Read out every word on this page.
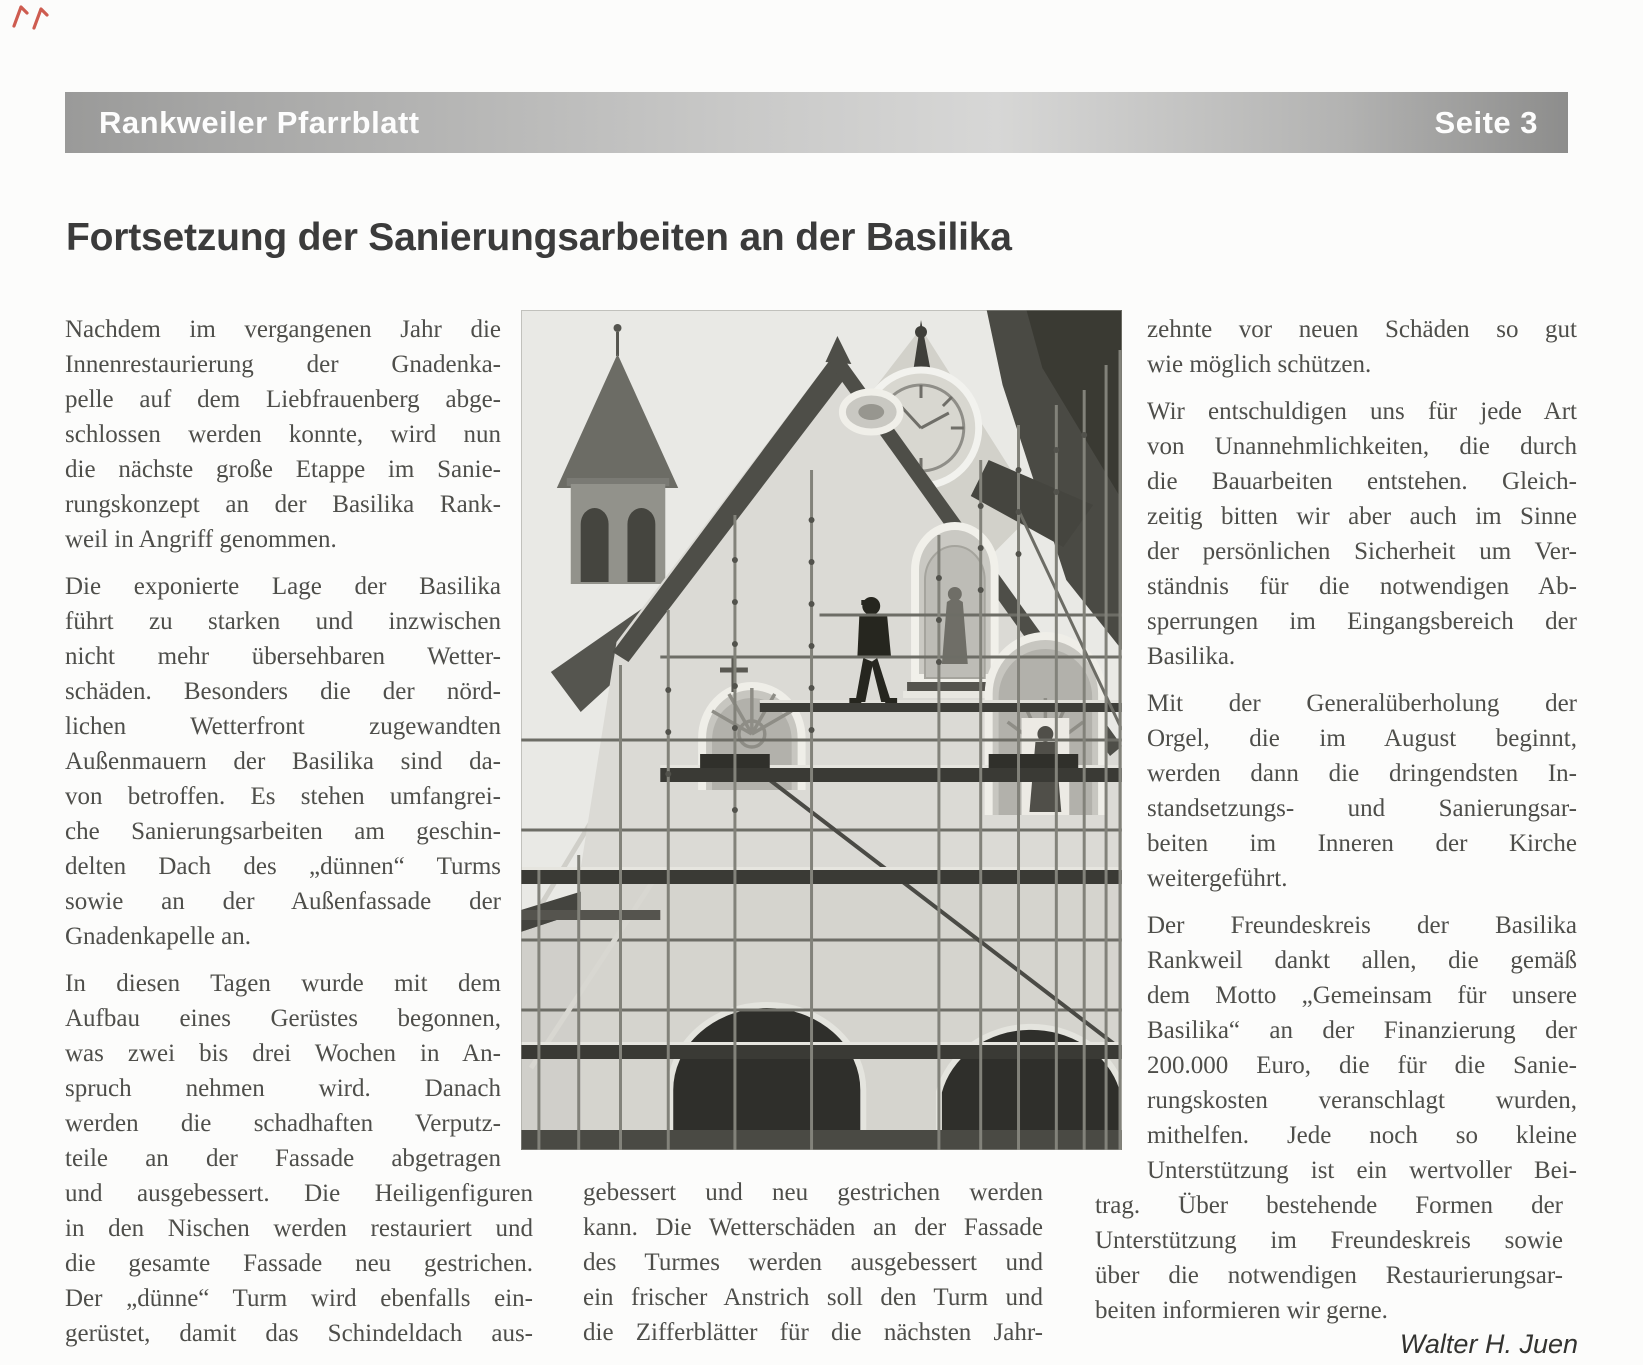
Rankweiler Pfarrblatt	Seite 3
Fortsetzung der Sanierungsarbeiten an der Basilika
Nachdem im vergangenen Jahr die
Innenrestaurierung der Gnadenka-
pelle auf dem Liebfrauenberg abge-
schlossen werden konnte, wird nun
die nächste große Etappe im Sanie-
rungskonzept an der Basilika Rank-
weil in Angriff genommen.
Die exponierte Lage der Basilika
führt zu starken und inzwischen
nicht mehr übersehbaren Wetter-
schäden. Besonders die der nörd-
lichen Wetterfront zugewandten
Außenmauern der Basilika sind da-
von betroffen. Es stehen umfangrei-
che Sanierungsarbeiten am geschin-
delten Dach des „dünnen“ Turms
sowie an der Außenfassade der
Gnadenkapelle an.
In diesen Tagen wurde mit dem
Aufbau eines Gerüstes begonnen,
was zwei bis drei Wochen in An-
spruch nehmen wird. Danach
werden die schadhaften Verputz-
teile an der Fassade abgetragen
und ausgebessert. Die Heiligenfiguren
in den Nischen werden restauriert und
die gesamte Fassade neu gestrichen.
Der „dünne“ Turm wird ebenfalls ein-
gerüstet, damit das Schindeldach aus-
gebessert und neu gestrichen werden
kann. Die Wetterschäden an der Fassade
des Turmes werden ausgebessert und
ein frischer Anstrich soll den Turm und
die Zifferblätter für die nächsten Jahr-
zehnte vor neuen Schäden so gut
wie möglich schützen.
Wir entschuldigen uns für jede Art
von Unannehmlichkeiten, die durch
die Bauarbeiten entstehen. Gleich-
zeitig bitten wir aber auch im Sinne
der persönlichen Sicherheit um Ver-
ständnis für die notwendigen Ab-
sperrungen im Eingangsbereich der
Basilika.
Mit der Generalüberholung der
Orgel, die im August beginnt,
werden dann die dringendsten In-
standsetzungs- und Sanierungsar-
beiten im Inneren der Kirche
weitergeführt.
Der Freundeskreis der Basilika
Rankweil dankt allen, die gemäß
dem Motto „Gemeinsam für unsere
Basilika“ an der Finanzierung der
200.000 Euro, die für die Sanie-
rungskosten veranschlagt wurden,
mithelfen. Jede noch so kleine
Unterstützung ist ein wertvoller Bei-
trag. Über bestehende Formen der
Unterstützung im Freundeskreis sowie
über die notwendigen Restaurierungsar-
beiten informieren wir gerne.
Walter H. Juen
